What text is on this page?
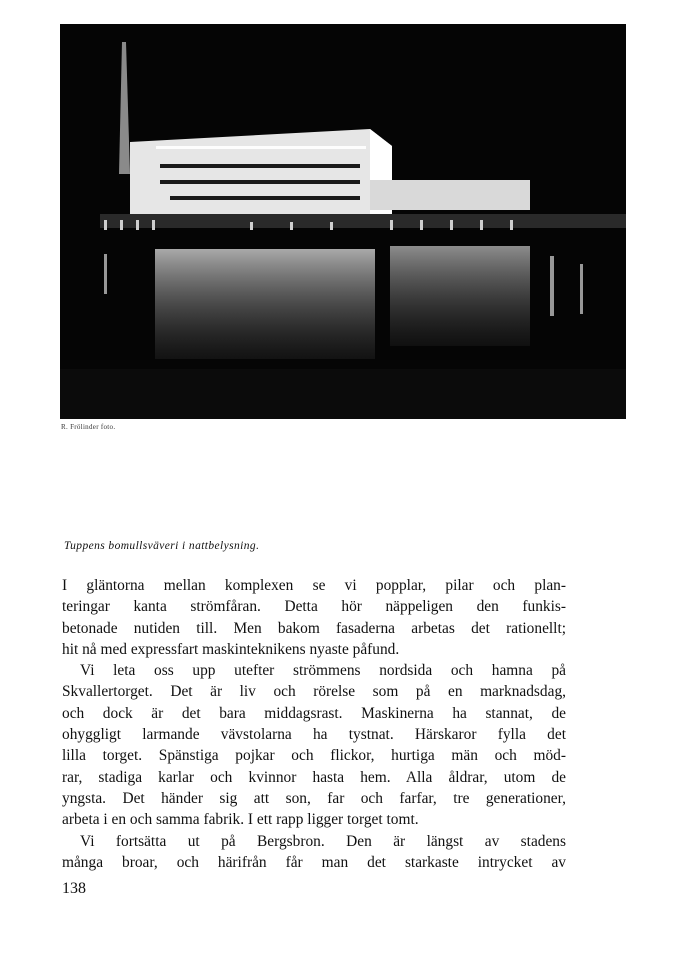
R. Frölinder foto.
Tuppens bomullsväveri i nattbelysning.

I gläntorna mellan komplexen se vi popplar, pilar och plan-
teringar kanta strömfåran. Detta hör näppeligen den funkis-
betonade nutiden till. Men bakom fasaderna arbetas det rationellt;
hit nå med expressfart maskinteknikens nyaste påfund.

Vi leta oss upp utefter strömmens nordsida och hamna på
Skvallertorget. Det är liv och rörelse som på en marknadsdag,
och dock är det bara middagsrast. Maskinerna ha stannat, de
ohyggligt larmande vävstolarna ha tystnat. Härskaror fylla det
lilla torget. Spänstiga pojkar och flickor, hurtiga män och möd-
rar, stadiga karlar och kvinnor hasta hem. Alla åldrar, utom de
yngsta. Det händer sig att son, far och farfar, tre generationer,
arbeta i en och samma fabrik. I ett rapp ligger torget tomt.

Vi fortsätta ut på Bergsbron. Den är längst av stadens
många broar, och härifrån får man det starkaste intrycket av

138
